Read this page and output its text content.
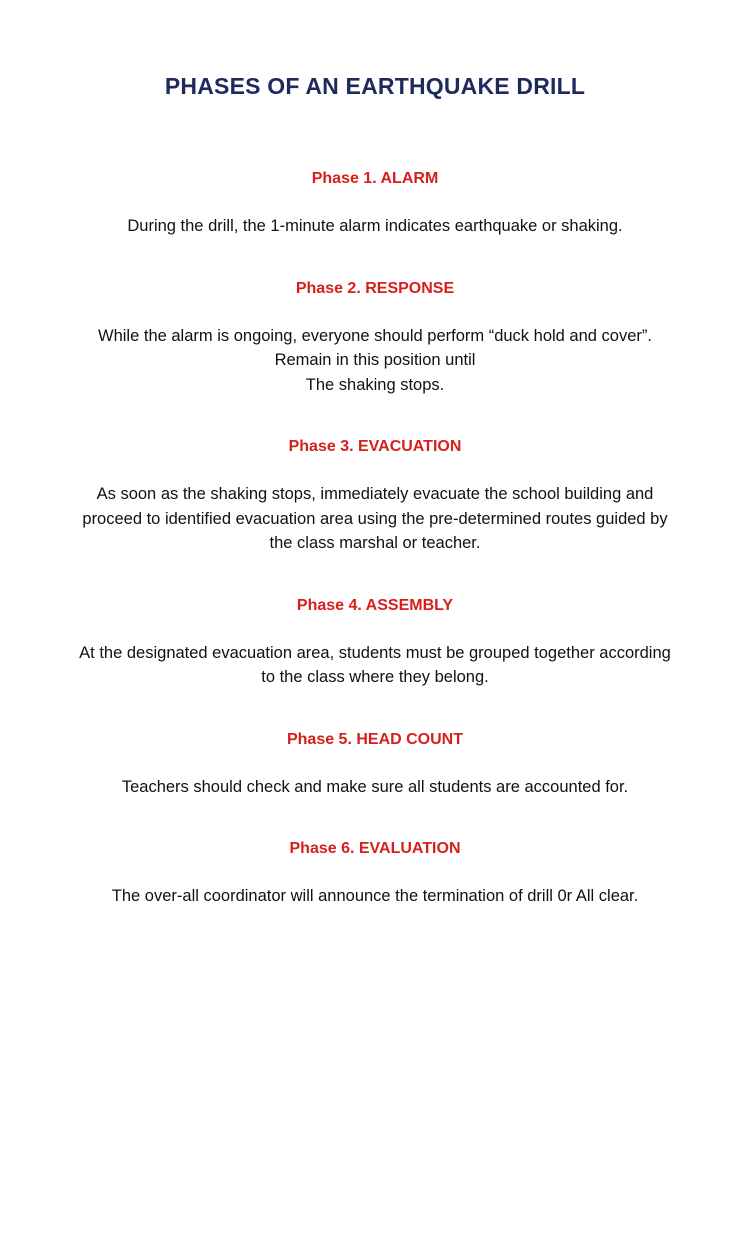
PHASES OF AN EARTHQUAKE DRILL
Phase 1. ALARM

During the drill, the 1-minute alarm indicates earthquake or shaking.

Phase 2. RESPONSE

While the alarm is ongoing, everyone should perform “duck hold and cover”.
Remain in this position until
The shaking stops.

Phase 3. EVACUATION

As soon as the shaking stops, immediately evacuate the school building and
proceed to identified evacuation area using the pre-determined routes guided by
the class marshal or teacher.

Phase 4. ASSEMBLY

At the designated evacuation area, students must be grouped together according
to the class where they belong.

Phase 5. HEAD COUNT

Teachers should check and make sure all students are accounted for.

Phase 6. EVALUATION

The over-all coordinator will announce the termination of drill 0r All clear.
